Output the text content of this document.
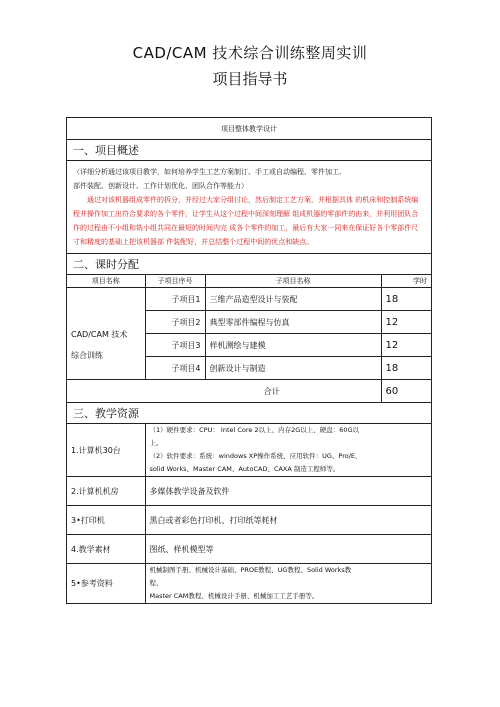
CAD/CAM 技术综合训练整周实训
项目指导书
项目整体教学设计
一、项目概述
（详细分析通过该项目教学，如何培养学生工艺方案制订、手工或自动编程、零件加工、
部件装配、创新设计、工作计划优化、团队合作等能力）
通过对该机器组成零件的拆分，并经过大家分组讨论，然后制定工艺方案，并根据具体 的机床和控制系统编程并操作加工出符合要求的各个零件，让学生从这个过程中间深刻理解 组成机器的零部件的由来，并利用团队合作的过程由不小组和铣小组共同在最短的时间内完 成各个零件的加工，最后有大家一同来在保证好各个零部件尺寸和精度的基础上把该机器部 件装配好，并总结整个过程中间的优点和缺点。
二、课时分配
项目名称	子项目序号	子项目名称	学时

CAD/CAM 技术
综合训练	子项目1	三维产品造型设计与装配	18
	子项目2	典型零部件编程与仿真	12
	子项目3	样机测绘与建模	12
	子项目4	创新设计与制造	18
合计			60
三、教学资源
1.计算机30台	（1）硬件要求：CPU： Intel Core 2以上、内存2G以上、硬盘：60G以
上。
（2）软件要求：系统：windows XP操作系统、应用软件：UG、Pro/E、
solid Works、Master CAM、AutoCAD、CAXA 制造工程师等。

2.计算机机房	多媒体教学设备及软件
3•打印机	黑白或者彩色打印机、打印纸等耗材
4.教学素材	图纸、样机模型等
5•参考资料	机械制图手册、机械设计基础、PROE教程、UG教程、Solid Works教
程、
Master CAM教程、机械设计手册、机械加工工艺手册等。
